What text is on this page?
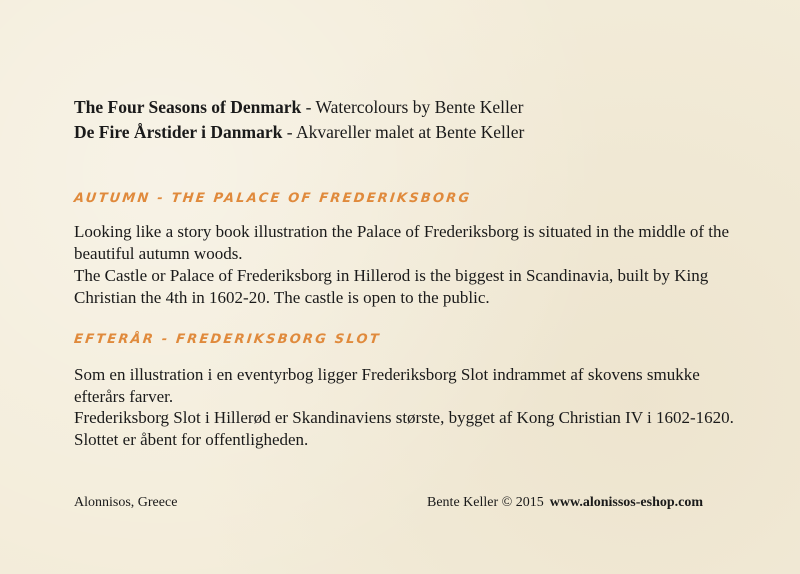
The Four Seasons of Denmark - Watercolours by Bente Keller
De Fire Årstider i Danmark - Akvareller malet at Bente Keller
AUTUMN - THE PALACE OF FREDERIKSBORG
Looking like a story book illustration the Palace of Frederiksborg is situated in the middle of the beautiful autumn woods.
The Castle or Palace of Frederiksborg in Hillerod is the biggest in Scandinavia, built by King Christian the 4th in 1602-20. The castle is open to the public.
EFTERÅR - FREDERIKSBORG SLOT
Som en illustration i en eventyrbog ligger Frederiksborg Slot indrammet af skovens smukke efterårs farver.
Frederiksborg Slot i Hillerød er Skandinaviens største, bygget af Kong Christian IV i 1602-1620. Slottet er åbent for offentligheden.
Alonnisos, Greece	Bente Keller © 2015 www.alonissos-eshop.com
